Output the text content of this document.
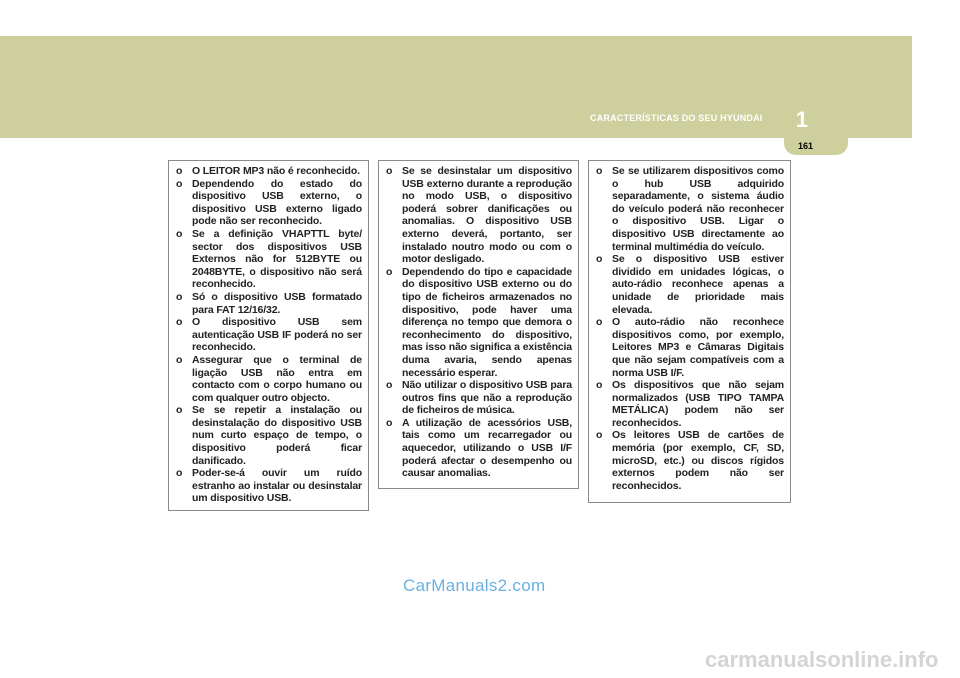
CARACTERÍSTICAS DO SEU HYUNDAI 1
161
o O LEITOR MP3 não é reconhecido.
o Dependendo do estado do dispositivo USB externo, o dispositivo USB externo ligado pode não ser reconhecido.
o Se a definição VHAPTTL byte/ sector dos dispositivos USB Externos não for 512BYTE ou 2048BYTE, o dispositivo não será reconhecido.
o Só o dispositivo USB formatado para FAT 12/16/32.
o O dispositivo USB sem autenticação USB IF poderá no ser reconhecido.
o Assegurar que o terminal de ligação USB não entra em contacto com o corpo humano ou com qualquer outro objecto.
o Se se repetir a instalação ou desinstalação do dispositivo USB num curto espaço de tempo, o dispositivo poderá ficar danificado.
o Poder-se-á ouvir um ruído estranho ao instalar ou desinstalar um dispositivo USB.
o Se se desinstalar um dispositivo USB externo durante a reprodução no modo USB, o dispositivo poderá sobrer danificações ou anomalias. O dispositivo USB externo deverá, portanto, ser instalado noutro modo ou com o motor desligado.
o Dependendo do tipo e capacidade do dispositivo USB externo ou do tipo de ficheiros armazenados no dispositivo, pode haver uma diferença no tempo que demora o reconhecimento do dispositivo, mas isso não significa a existência duma avaria, sendo apenas necessário esperar.
o Não utilizar o dispositivo USB para outros fins que não a reprodução de ficheiros de música.
o A utilização de acessórios USB, tais como um recarregador ou aquecedor, utilizando o USB I/F poderá afectar o desempenho ou causar anomalias.
o Se se utilizarem dispositivos como o hub USB adquirido separadamente, o sistema áudio do veículo poderá não reconhecer o dispositivo USB. Ligar o dispositivo USB directamente ao terminal multimédia do veículo.
o Se o dispositivo USB estiver dividido em unidades lógicas, o auto-rádio reconhece apenas a unidade de prioridade mais elevada.
o O auto-rádio não reconhece dispositivos como, por exemplo, Leitores MP3 e Câmaras Digitais que não sejam compatíveis com a norma USB I/F.
o Os dispositivos que não sejam normalizados (USB TIPO TAMPA METÁLICA) podem não ser reconhecidos.
o Os leitores USB de cartões de memória (por exemplo, CF, SD, microSD, etc.) ou discos rígidos externos podem não ser reconhecidos.
CarManuals2.com
carmanualsonline.info
